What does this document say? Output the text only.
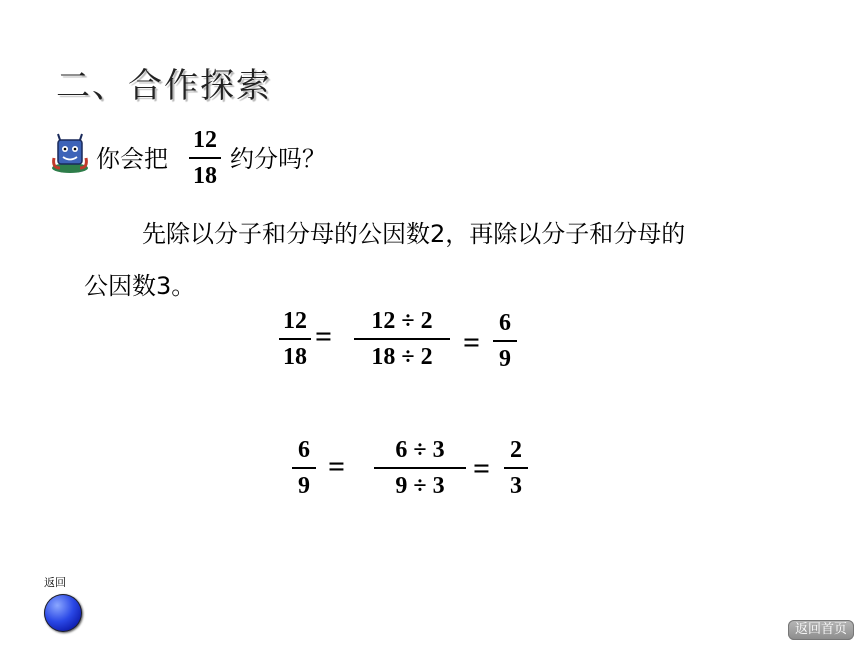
二、合作探索
你会把
12
18
约分吗？
先除以分子和分母的公因数2，再除以分子和分母的
公因数3。
12
18
=	12 ÷ 2
18 ÷ 2	=
6
9
6
9
=	6 ÷ 3
9 ÷ 3
=
2
3
返回
返回首页
